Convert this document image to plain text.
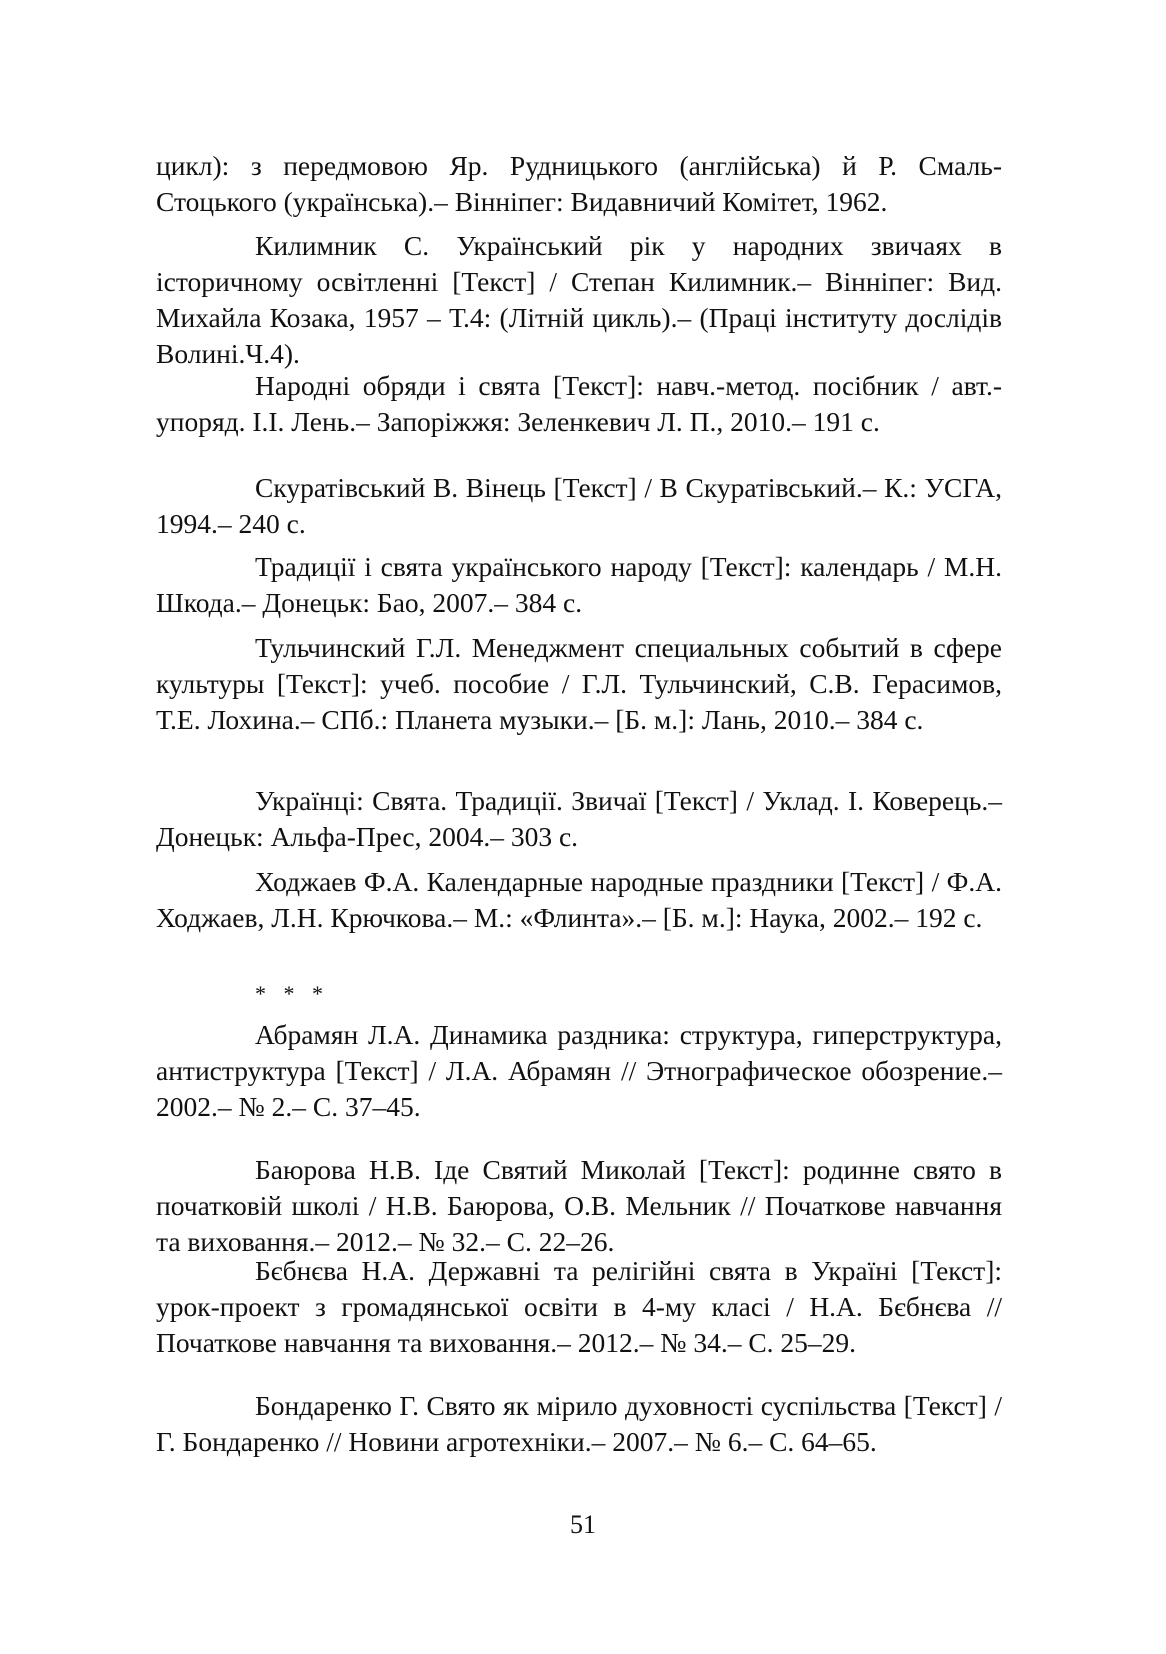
цикл): з передмовою Яр. Рудницького (англійська) й Р. Смаль-Стоцького (українська).– Вінніпег: Видавничий Комітет, 1962.

Килимник С. Український рік у народних звичаях в історичному освітленні [Текст] / Степан Килимник.– Вінніпег: Вид. Михайла Козака, 1957 – Т.4: (Літній цикль).– (Праці інституту дослідів Волині.Ч.4).

Народні обряди і свята [Текст]: навч.-метод. посібник / авт.-упоряд. І.І. Лень.– Запоріжжя: Зеленкевич Л. П., 2010.– 191 с.

Скуратівський В. Вінець [Текст] / В Скуратівський.– К.: УСГА, 1994.– 240 с.

Традиції і свята українського народу [Текст]: календарь / М.Н. Шкода.– Донецьк: Бао, 2007.– 384 с.

Тульчинский Г.Л. Менеджмент специальных событий в сфере культуры [Текст]: учеб. пособие / Г.Л. Тульчинский, С.В. Герасимов, Т.Е. Лохина.– СПб.: Планета музыки.– [Б. м.]: Лань, 2010.– 384 с.

Українці: Свята. Традиції. Звичаї [Текст] / Уклад. І. Коверець.– Донецьк: Альфа-Прес, 2004.– 303 с.

Ходжаев Ф.А. Календарные народные праздники [Текст] / Ф.А. Ходжаев, Л.Н. Крючкова.– М.: «Флинта».– [Б. м.]: Наука, 2002.– 192 с.

* * *

Абрамян Л.А. Динамика раздника: структура, гиперструктура, антиструктура [Текст] / Л.А. Абрамян // Этнографическое обозрение.– 2002.– № 2.– С. 37–45.

Баюрова Н.В. Іде Святий Миколай [Текст]: родинне свято в початковій школі / Н.В. Баюрова, О.В. Мельник // Початкове навчання та виховання.– 2012.– № 32.– С. 22–26.

Бєбнєва Н.А. Державні та релігійні свята в Україні [Текст]: урок-проект з громадянської освіти в 4-му класі / Н.А. Бєбнєва // Початкове навчання та виховання.– 2012.– № 34.– С. 25–29.

Бондаренко Г. Свято як мірило духовності суспільства [Текст] / Г. Бондаренко // Новини агротехніки.– 2007.– № 6.– С. 64–65.

51
